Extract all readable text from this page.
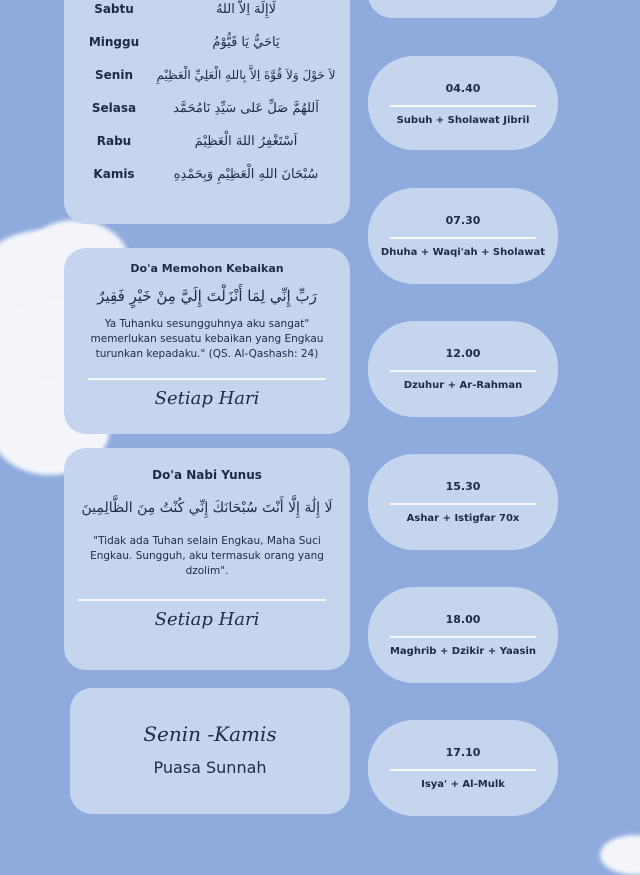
Sabtu	لَاإِلَهَ اِلاَّ اللهُ
Minggu	يَاحَيُّ يَا قَيُّوْمُ
Senin	لاَ حَوْلَ وَلاَ قُوَّةَ اِلاَّ بِاللهِ الْعَلِيِّ الْعَظِيْمِ
Selasa	اَللهُمَّ صَلِّ عَلى سَيِّدِ نَامُحَمَّد
Rabu	اَسْتَغْفِرُ اللهَ الْعَظِيْمَ
Kamis	سُبْحَانَ اللهِ الْعَظِيْمِ وَبِحَمْدِهِ
Do'a Memohon Kebaikan
رَبِّ إِنِّي لِمَا أَنْزَلْتَ إِلَيَّ مِنْ خَيْرٍ فَقِيرٌ
Ya Tuhanku sesungguhnya aku sangat"
memerlukan sesuatu kebaikan yang Engkau
turunkan kepadaku." (QS. Al-Qashash: 24)
Setiap Hari
Do'a Nabi Yunus
لَا إِلَٰهَ إِلَّا أَنْتَ سُبْحَانَكَ إِنِّي كُنْتُ مِنَ الظَّالِمِينَ
"Tidak ada Tuhan selain Engkau, Maha Suci
Engkau. Sungguh, aku termasuk orang yang
dzolim".
Setiap Hari
Senin -Kamis
Puasa Sunnah
04.40
Subuh + Sholawat Jibril
07.30
Dhuha + Waqi'ah + Sholawat
12.00
Dzuhur + Ar-Rahman
15.30
Ashar + Istigfar 70x
18.00
Maghrib + Dzikir + Yaasin
17.10
Isya' + Al-Mulk
